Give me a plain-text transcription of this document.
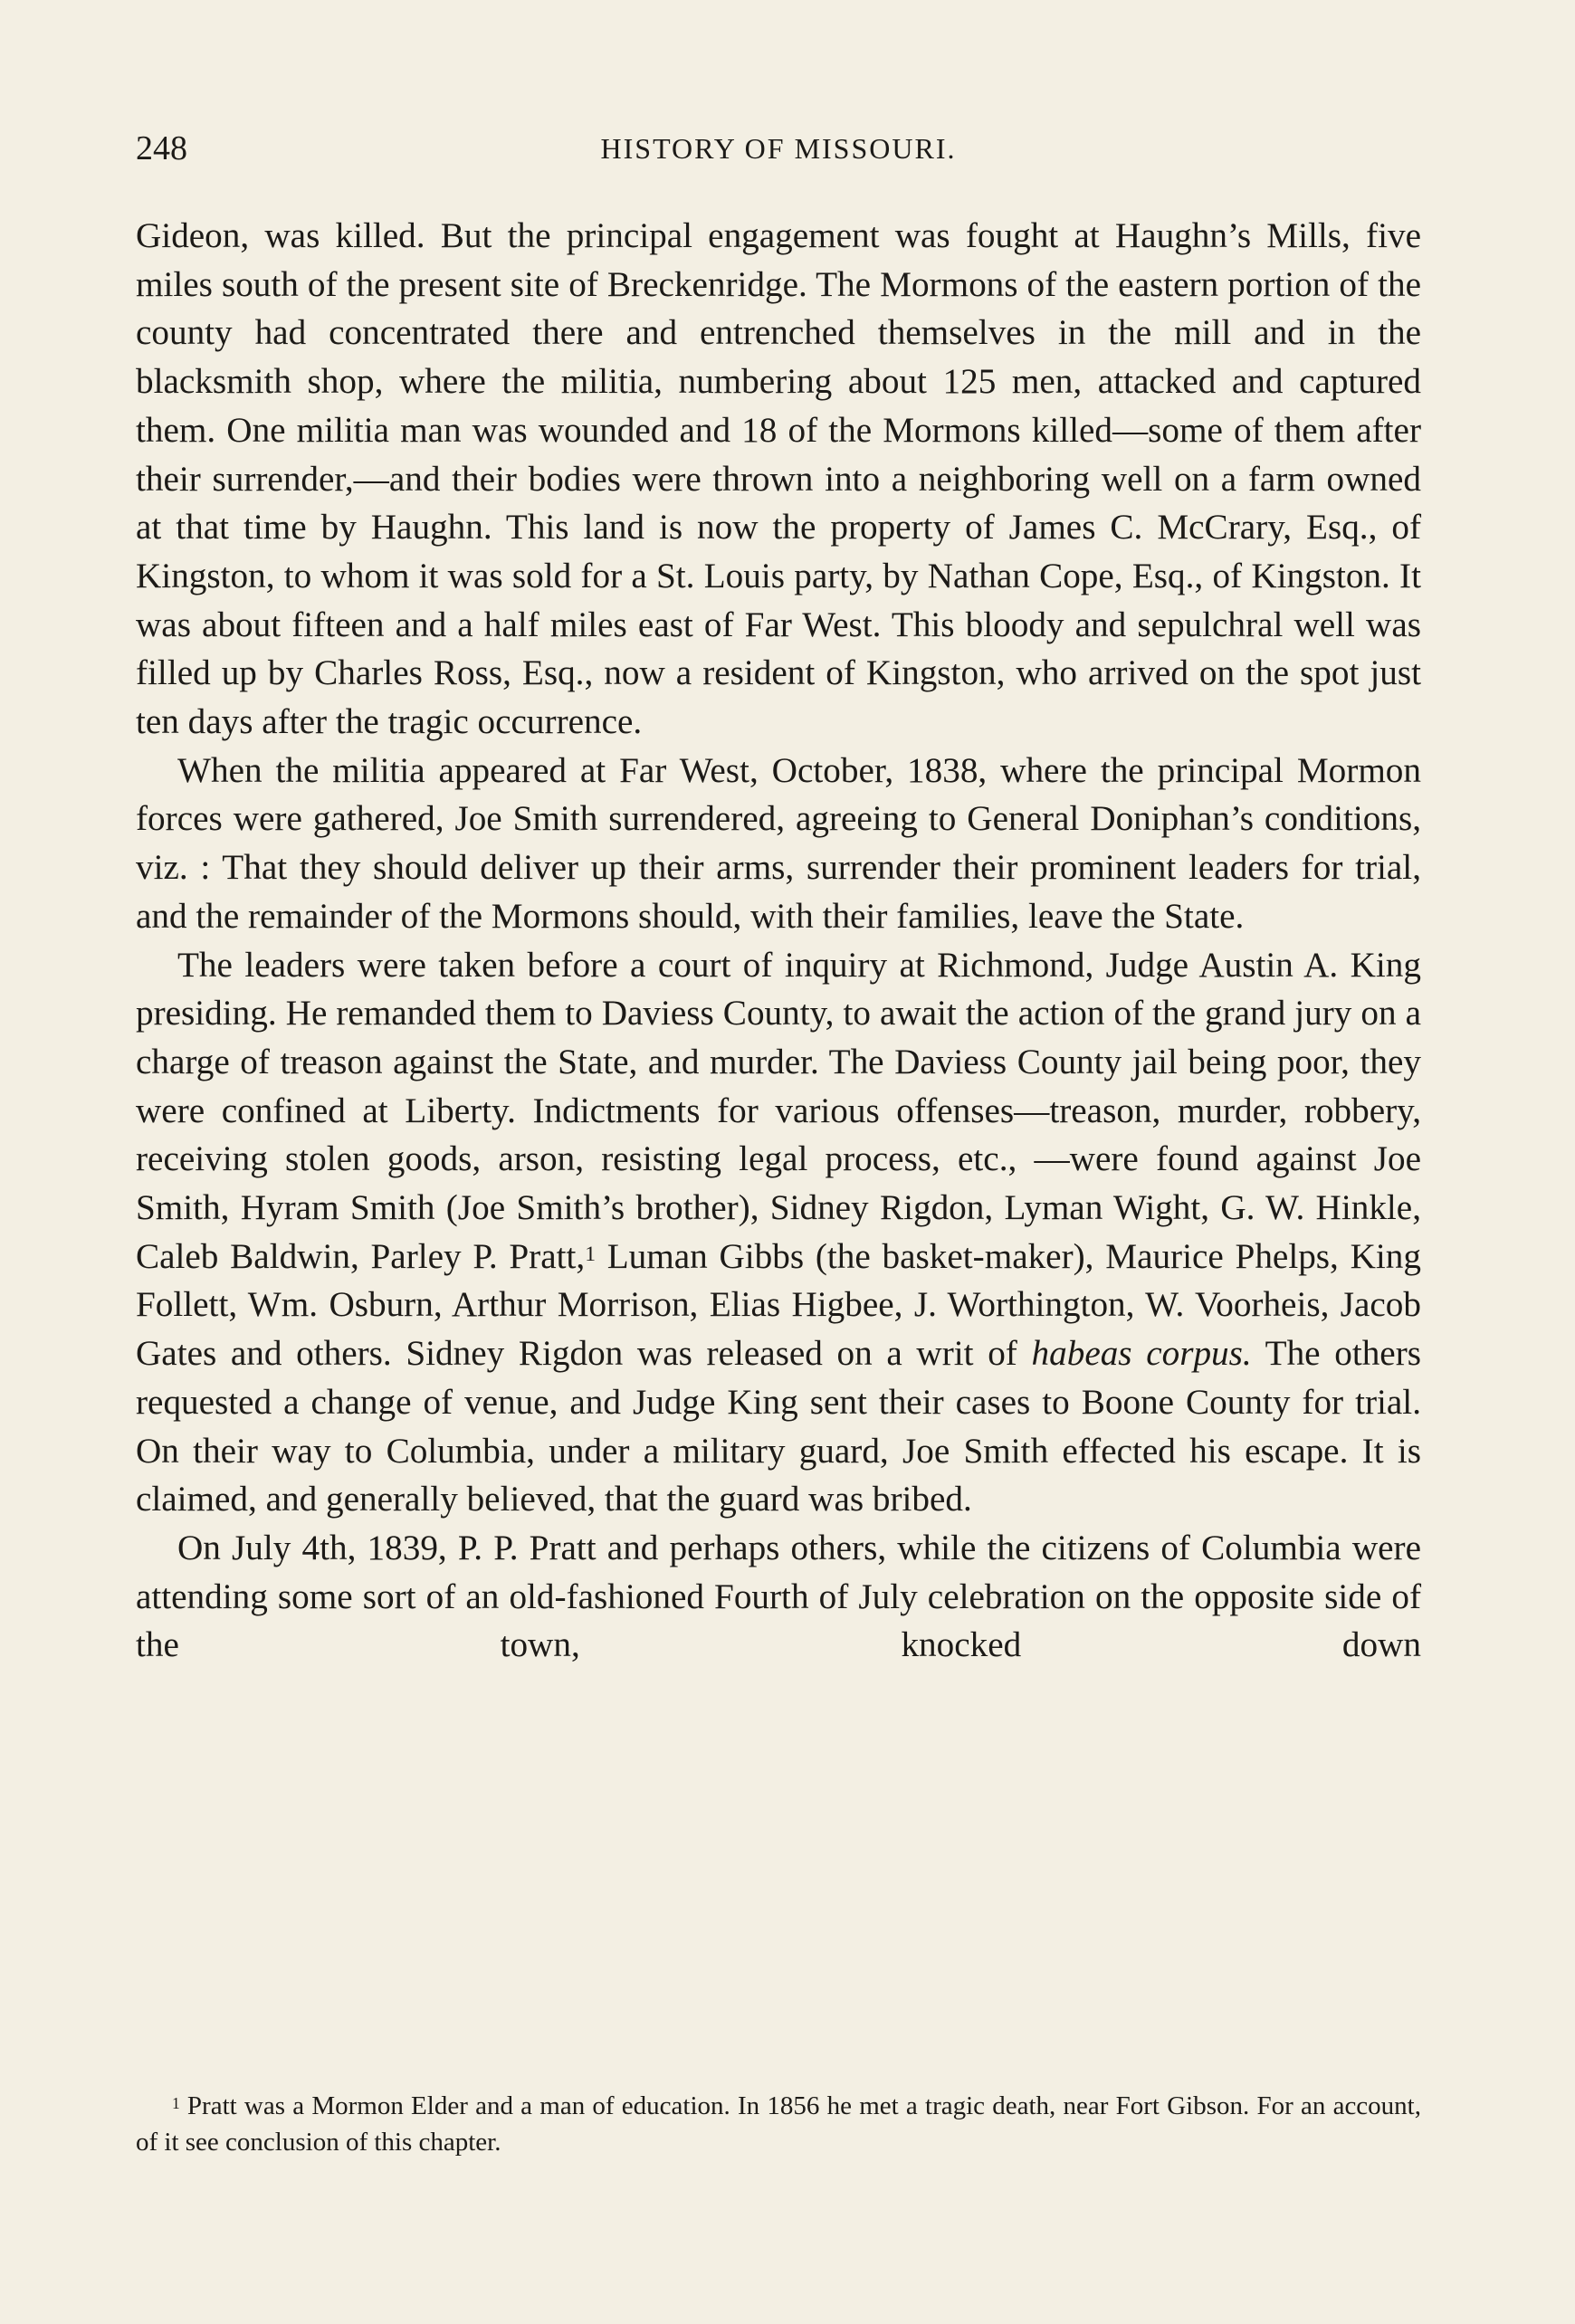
248	HISTORY OF MISSOURI.

Gideon, was killed. But the principal engagement was fought at Haughn’s Mills, five miles south of the present site of Breckenridge. The Mormons of the eastern portion of the county had concentrated there and entrenched themselves in the mill and in the blacksmith shop, where the militia, numbering about 125 men, attacked and captured them. One militia man was wounded and 18 of the Mormons killed—some of them after their surrender,—and their bodies were thrown into a neighboring well on a farm owned at that time by Haughn. This land is now the property of James C. McCrary, Esq., of Kingston, to whom it was sold for a St. Louis party, by Nathan Cope, Esq., of Kingston. It was about fifteen and a half miles east of Far West. This bloody and sepulchral well was filled up by Charles Ross, Esq., now a resident of Kingston, who arrived on the spot just ten days after the tragic occurrence.

When the militia appeared at Far West, October, 1838, where the principal Mormon forces were gathered, Joe Smith surrendered, agreeing to General Doniphan’s conditions, viz. : That they should deliver up their arms, surrender their prominent leaders for trial, and the remainder of the Mormons should, with their families, leave the State.

The leaders were taken before a court of inquiry at Richmond, Judge Austin A. King presiding. He remanded them to Daviess County, to await the action of the grand jury on a charge of treason against the State, and murder. The Daviess County jail being poor, they were confined at Liberty. Indictments for various offenses—treason, murder, robbery, receiving stolen goods, arson, resisting legal process, etc., —were found against Joe Smith, Hyram Smith (Joe Smith’s brother), Sidney Rigdon, Lyman Wight, G. W. Hinkle, Caleb Baldwin, Parley P. Pratt,$^1$ Luman Gibbs (the basket-maker), Maurice Phelps, King Follett, Wm. Osburn, Arthur Morrison, Elias Higbee, J. Worthington, W. Voorheis, Jacob Gates and others. Sidney Rigdon was released on a writ of habeas corpus. The others requested a change of venue, and Judge King sent their cases to Boone County for trial. On their way to Columbia, under a military guard, Joe Smith effected his escape. It is claimed, and generally believed, that the guard was bribed.

On July 4th, 1839, P. P. Pratt and perhaps others, while the citizens of Columbia were attending some sort of an old-fashioned Fourth of July celebration on the opposite side of the town, knocked down

$^1$ Pratt was a Mormon Elder and a man of education. In 1856 he met a tragic death, near Fort Gibson. For an account, of it see conclusion of this chapter.
